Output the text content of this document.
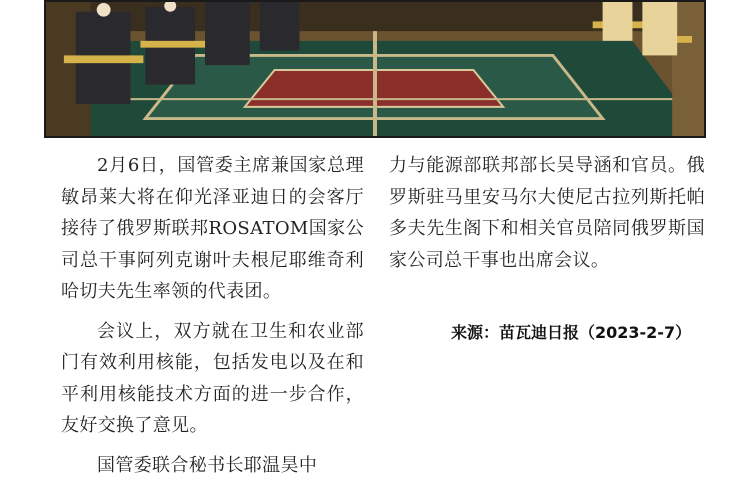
2月6日，国管委主席兼国家总理敏昂莱大将在仰光泽亚迪日的会客厅接待了俄罗斯联邦ROSATOM国家公司总干事阿列克谢叶夫根尼耶维奇利哈切夫先生率领的代表团。

会议上，双方就在卫生和农业部门有效利用核能，包括发电以及在和平利用核能技术方面的进一步合作，友好交换了意见。

国管委联合秘书长耶温昊中

力与能源部联邦部长吴导涵和官员。俄罗斯驻马里安马尔大使尼古拉列斯托帕多夫先生阁下和相关官员陪同俄罗斯国家公司总干事也出席会议。

来源：苗瓦迪日报（2023-2-7）
